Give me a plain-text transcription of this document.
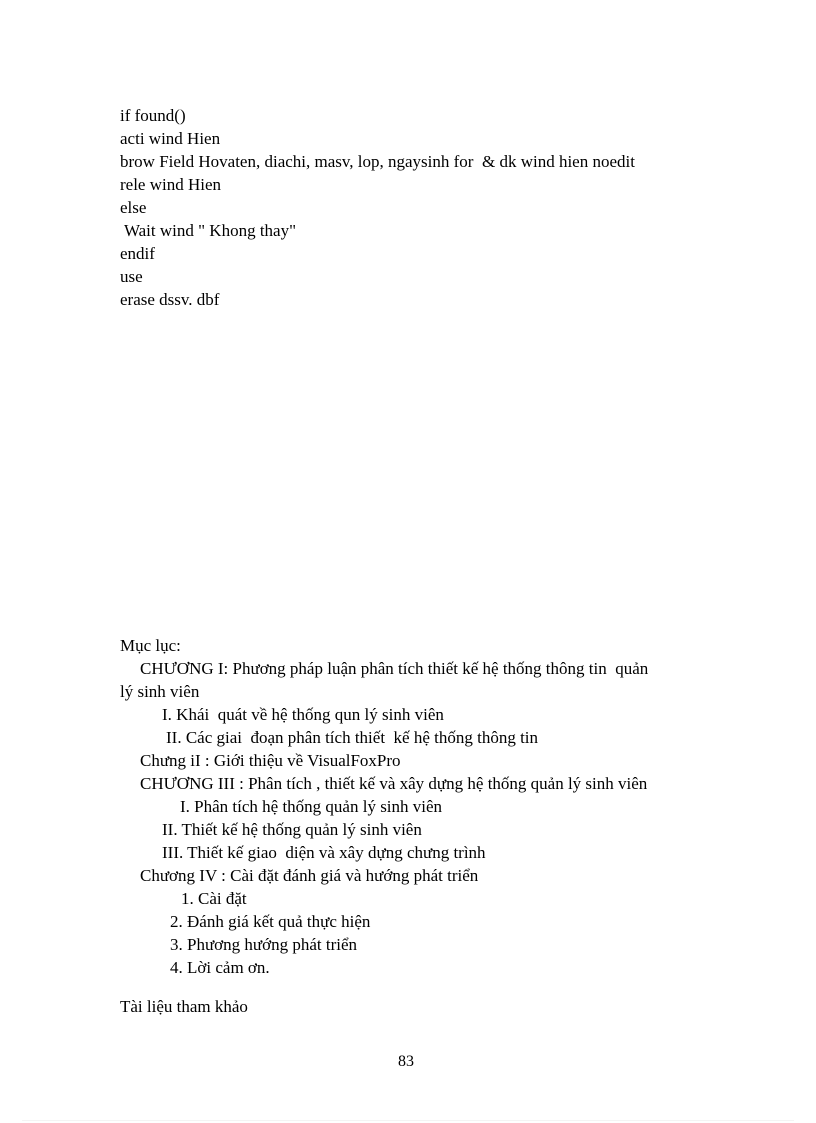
if found()

acti wind Hien

brow Field Hovaten, diachi, masv, lop, ngaysinh for  & dk wind hien noedit

rele wind Hien

else

Wait wind " Khong thay"

endif

use

erase dssv. dbf

Mục lục:

CHƯƠNG I: Phương pháp luận phân tích thiết kế hệ thống thông tin  quản

lý sinh viên

I. Khái  quát về hệ thống qun lý sinh viên

II. Các giai  đoạn phân tích thiết  kế hệ thống thông tin

Chưng iI : Giới thiệu về VisualFoxPro

CHƯƠNG III : Phân tích , thiết kế và xây dựng hệ thống quản lý sinh viên

I. Phân tích hệ thống quản lý sinh viên

II. Thiết kế hệ thống quản lý sinh viên

III. Thiết kế giao  diện và xây dựng chưng trình

Chương IV : Cài đặt đánh giá và hướng phát triển

1. Cài đặt

2. Đánh giá kết quả thực hiện

3. Phương hướng phát triển

4. Lời cảm ơn.

Tài liệu tham khảo

83
